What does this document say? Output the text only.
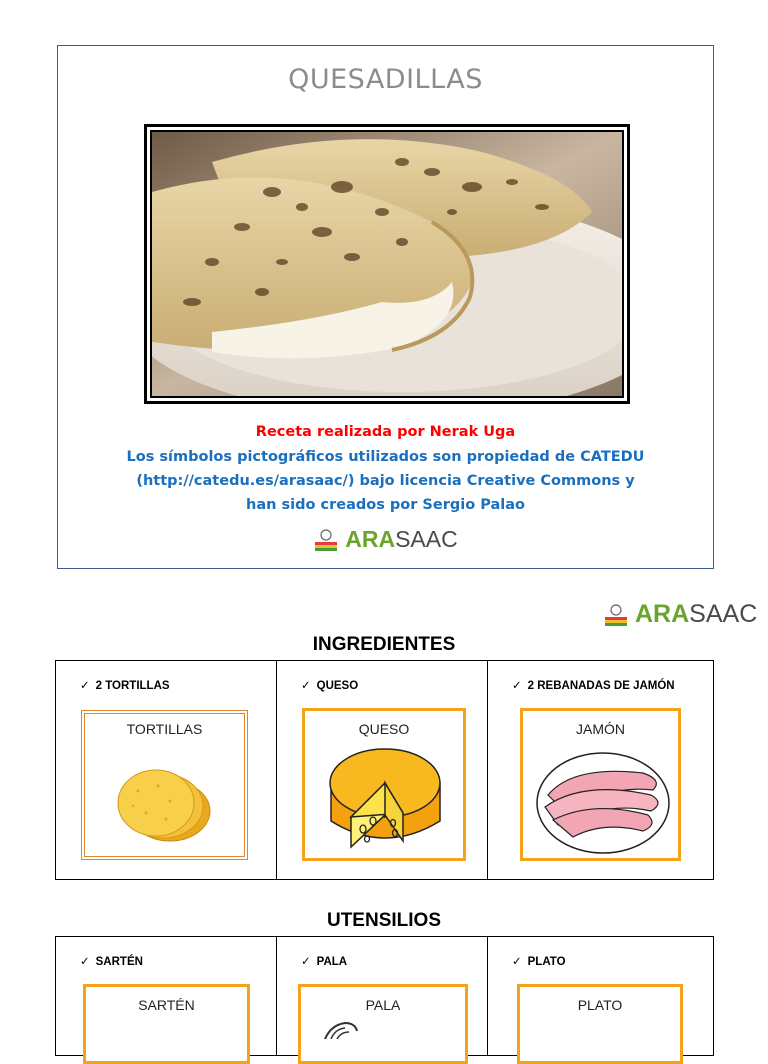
QUESADILLAS
Receta realizada por Nerak Uga
Los símbolos pictográficos utilizados son propiedad de CATEDU
(http://catedu.es/arasaac/) bajo licencia Creative Commons y
han sido creados por Sergio Palao
ARA SAAC
ARA SAAC
INGREDIENTES
✓ 2 TORTILLAS
TORTILLAS
✓ QUESO
QUESO
✓ 2 REBANADAS DE JAMÓN
JAMÓN
UTENSILIOS
✓ SARTÉN
SARTÉN
✓ PALA
PALA
✓ PLATO
PLATO
